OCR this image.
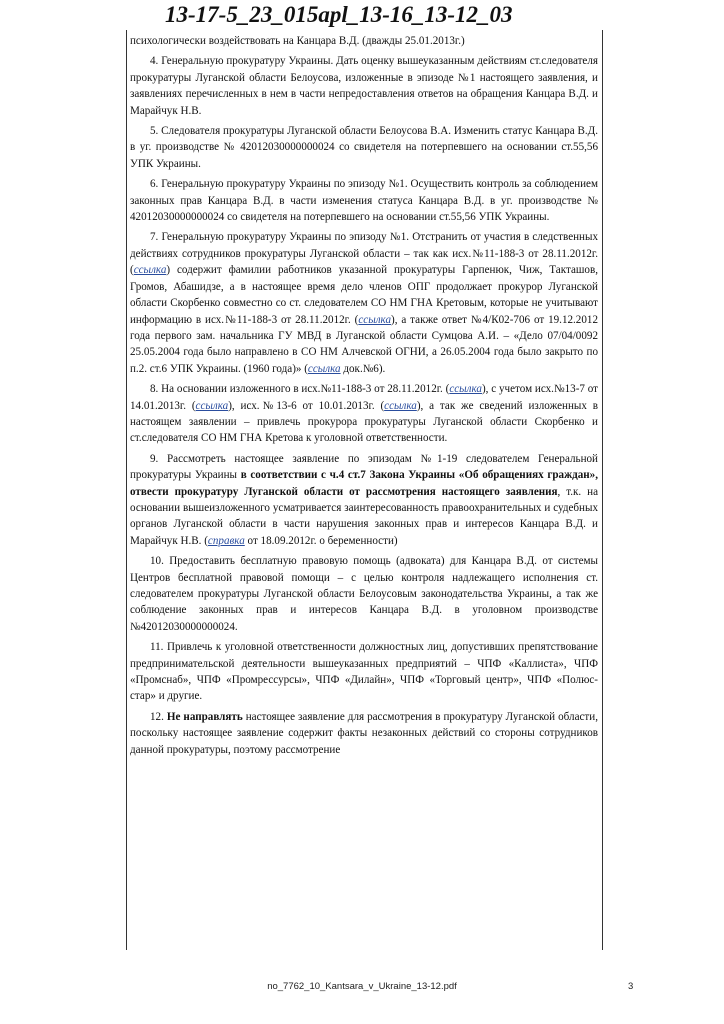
13-17-5_23_015apl_13-16_13-12_03

психологически воздействовать на Канцара В.Д. (дважды 25.01.2013г.)

4. Генеральную прокуратуру Украины. Дать оценку вышеуказанным действиям ст.следователя прокуратуры Луганской области Белоусова, изложенные в эпизоде №1 настоящего заявления, и заявлениях перечисленных в нем в части непредоставления ответов на обращения Канцара В.Д. и Марайчук Н.В.

5. Следователя прокуратуры Луганской области Белоусова В.А. Изменить статус Канцара В.Д. в уг. производстве № 42012030000000024 со свидетеля на потерпевшего на основании ст.55,56 УПК Украины.

6. Генеральную прокуратуру Украины по эпизоду №1. Осуществить контроль за соблюдением законных прав Канцара В.Д. в части изменения статуса Канцара В.Д. в уг. производстве № 42012030000000024 со свидетеля на потерпевшего на основании ст.55,56 УПК Украины.

7. Генеральную прокуратуру Украины по эпизоду №1. Отстранить от участия в следственных действиях сотрудников прокуратуры Луганской области – так как исх.№11-188-3 от 28.11.2012г. (ссылка) содержит фамилии работников указанной прокуратуры Гарпенюк, Чиж, Такташов, Громов, Абашидзе, а в настоящее время дело членов ОПГ продолжает прокурор Луганской области Скорбенко совместно со ст. следователем СО НМ ГНА Кретовым, которые не учитывают информацию в исх.№11-188-3 от 28.11.2012г. (ссылка), а также ответ №4/К02-706 от 19.12.2012 года первого зам. начальника ГУ МВД в Луганской области Сумцова А.И. – «Дело 07/04/0092 25.05.2004 года было направлено в СО НМ Алчевской ОГНИ, а 26.05.2004 года было закрыто по п.2. ст.6 УПК Украины. (1960 года)» (ссылка док.№6).

8. На основании изложенного в исх.№11-188-3 от 28.11.2012г. (ссылка), с учетом исх.№13-7 от 14.01.2013г. (ссылка), исх.№13-6 от 10.01.2013г. (ссылка), а так же сведений изложенных в настоящем заявлении – привлечь прокурора прокуратуры Луганской области Скорбенко и ст.следователя СО НМ ГНА Кретова к уголовной ответственности.

9. Рассмотреть настоящее заявление по эпизодам №1-19 следователем Генеральной прокуратуры Украины в соответствии с ч.4 ст.7 Закона Украины «Об обращениях граждан», отвести прокуратуру Луганской области от рассмотрения настоящего заявления, т.к. на основании вышеизложенного усматривается заинтересованность правоохранительных и судебных органов Луганской области в части нарушения законных прав и интересов Канцара В.Д. и Марайчук Н.В. (справка от 18.09.2012г. о беременности)

10. Предоставить бесплатную правовую помощь (адвоката) для Канцара В.Д. от системы Центров бесплатной правовой помощи – с целью контроля надлежащего исполнения ст. следователем прокуратуры Луганской области Белоусовым законодательства Украины, а так же соблюдение законных прав и интересов Канцара В.Д. в уголовном производстве №42012030000000024.

11. Привлечь к уголовной ответственности должностных лиц, допустивших препятствование предпринимательской деятельности вышеуказанных предприятий – ЧПФ «Каллиста», ЧПФ «Промснаб», ЧПФ «Промрессурсы», ЧПФ «Дилайн», ЧПФ «Торговый центр», ЧПФ «Полюс-стар» и другие.

12. Не направлять настоящее заявление для рассмотрения в прокуратуру Луганской области, поскольку настоящее заявление содержит факты незаконных действий со стороны сотрудников данной прокуратуры, поэтому рассмотрение

no_7762_10_Kantsara_v_Ukraine_13-12.pdf	3
